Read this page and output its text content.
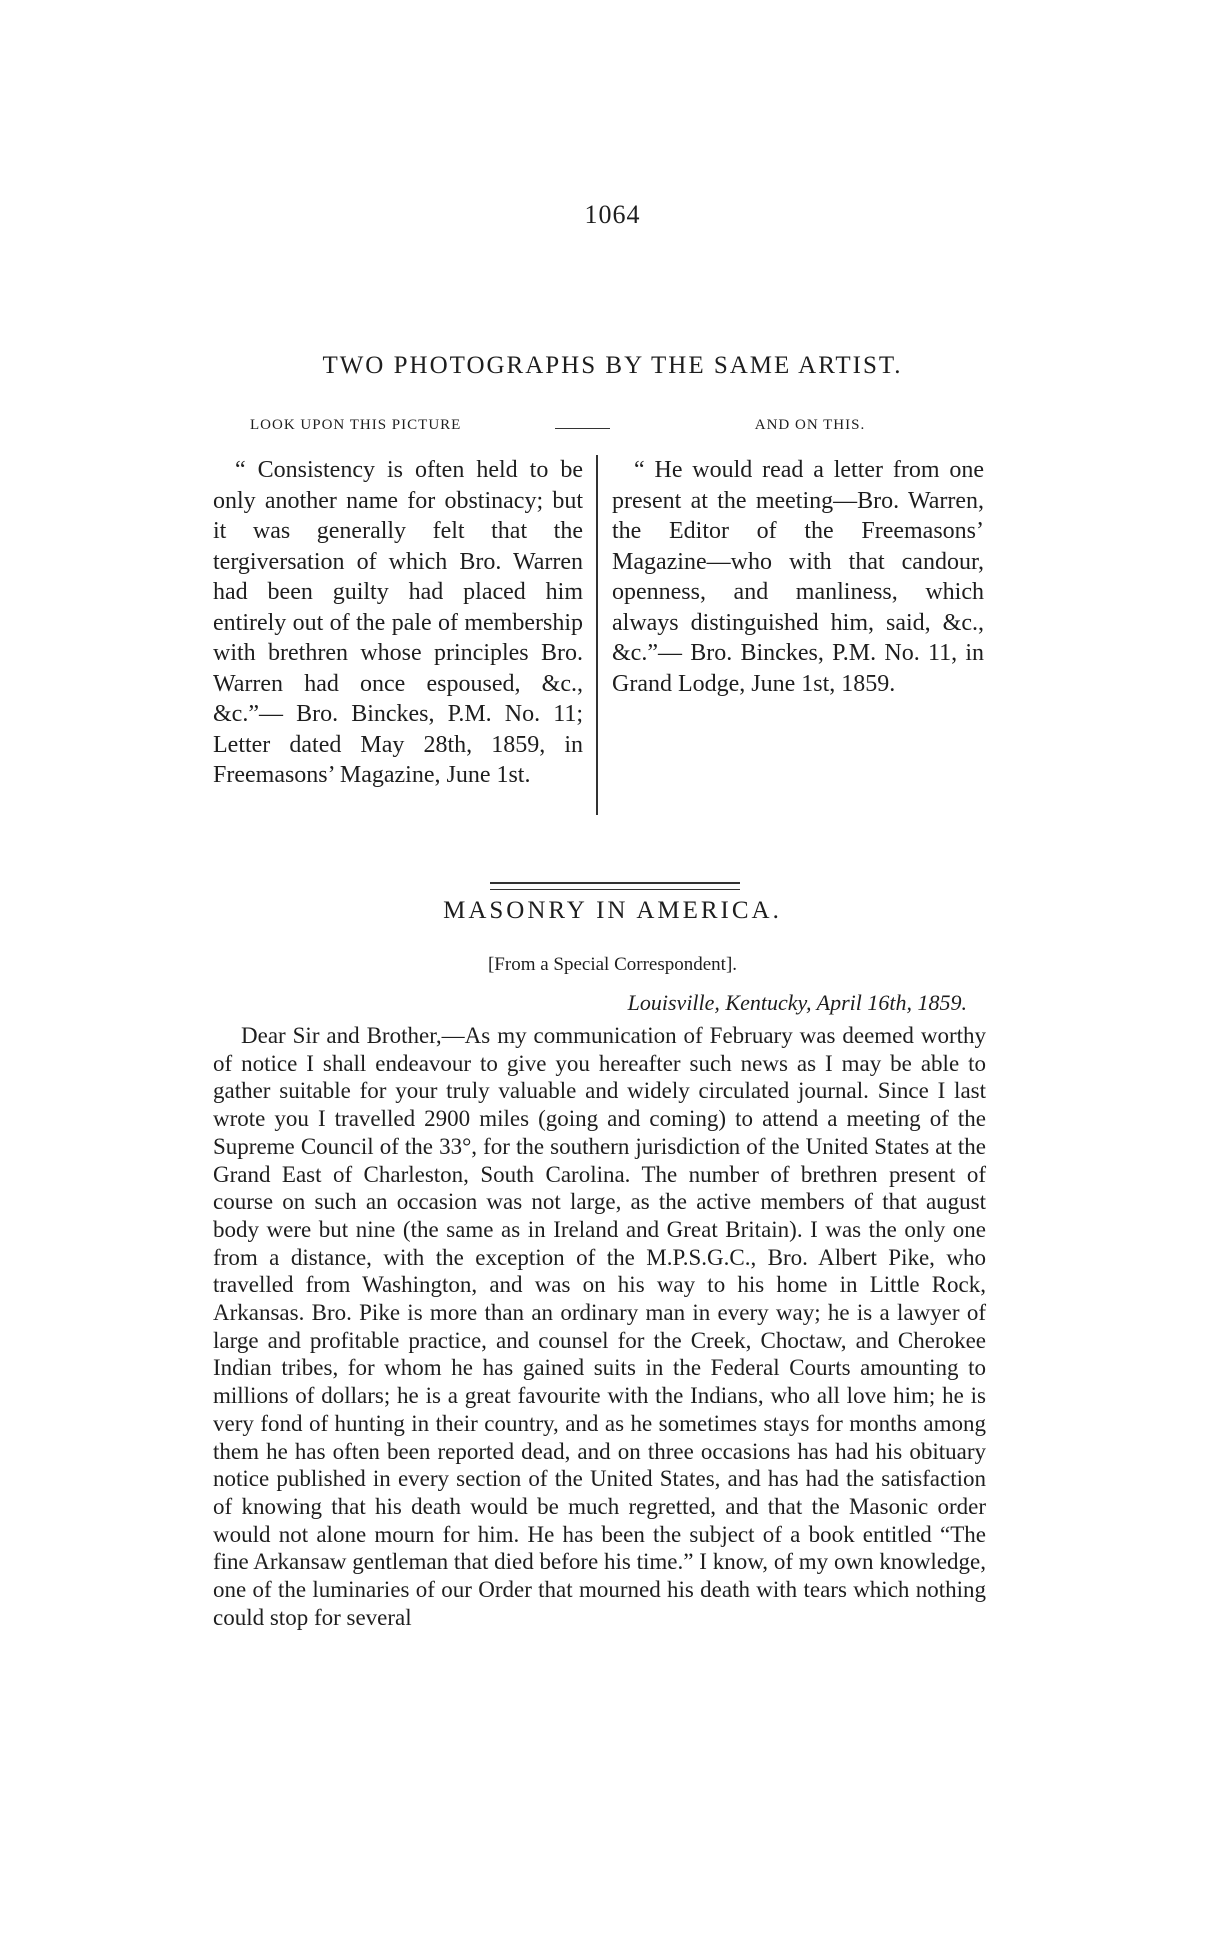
1064
TWO PHOTOGRAPHS BY THE SAME ARTIST.
LOOK UPON THIS PICTURE	AND ON THIS.

“ Consistency is often held to be only another name for obstinacy; but it was generally felt that the tergiversation of which Bro. Warren had been guilty had placed him entirely out of the pale of membership with brethren whose principles Bro. Warren had once espoused, &c., &c.”— Bro. Binckes, P.M. No. 11; Letter dated May 28th, 1859, in Freemasons’ Magazine, June 1st.

“ He would read a letter from one present at the meeting—Bro. Warren, the Editor of the Freemasons’ Magazine—who with that candour, openness, and manliness, which always distinguished him, said, &c., &c.”— Bro. Binckes, P.M. No. 11, in Grand Lodge, June 1st, 1859.

MASONRY IN AMERICA.
[From a Special Correspondent].
Louisville, Kentucky, April 16th, 1859.

Dear Sir and Brother,—As my communication of February was deemed worthy of notice I shall endeavour to give you hereafter such news as I may be able to gather suitable for your truly valuable and widely circulated journal. Since I last wrote you I travelled 2900 miles (going and coming) to attend a meeting of the Supreme Council of the 33°, for the southern jurisdiction of the United States at the Grand East of Charleston, South Carolina. The number of brethren present of course on such an occasion was not large, as the active members of that august body were but nine (the same as in Ireland and Great Britain). I was the only one from a distance, with the exception of the M.P.S.G.C., Bro. Albert Pike, who travelled from Washington, and was on his way to his home in Little Rock, Arkansas. Bro. Pike is more than an ordinary man in every way; he is a lawyer of large and profitable practice, and counsel for the Creek, Choctaw, and Cherokee Indian tribes, for whom he has gained suits in the Federal Courts amounting to millions of dollars; he is a great favourite with the Indians, who all love him; he is very fond of hunting in their country, and as he sometimes stays for months among them he has often been reported dead, and on three occasions has had his obituary notice published in every section of the United States, and has had the satisfaction of knowing that his death would be much regretted, and that the Masonic order would not alone mourn for him. He has been the subject of a book entitled “The fine Arkansaw gentleman that died before his time.” I know, of my own knowledge, one of the luminaries of our Order that mourned his death with tears which nothing could stop for several
